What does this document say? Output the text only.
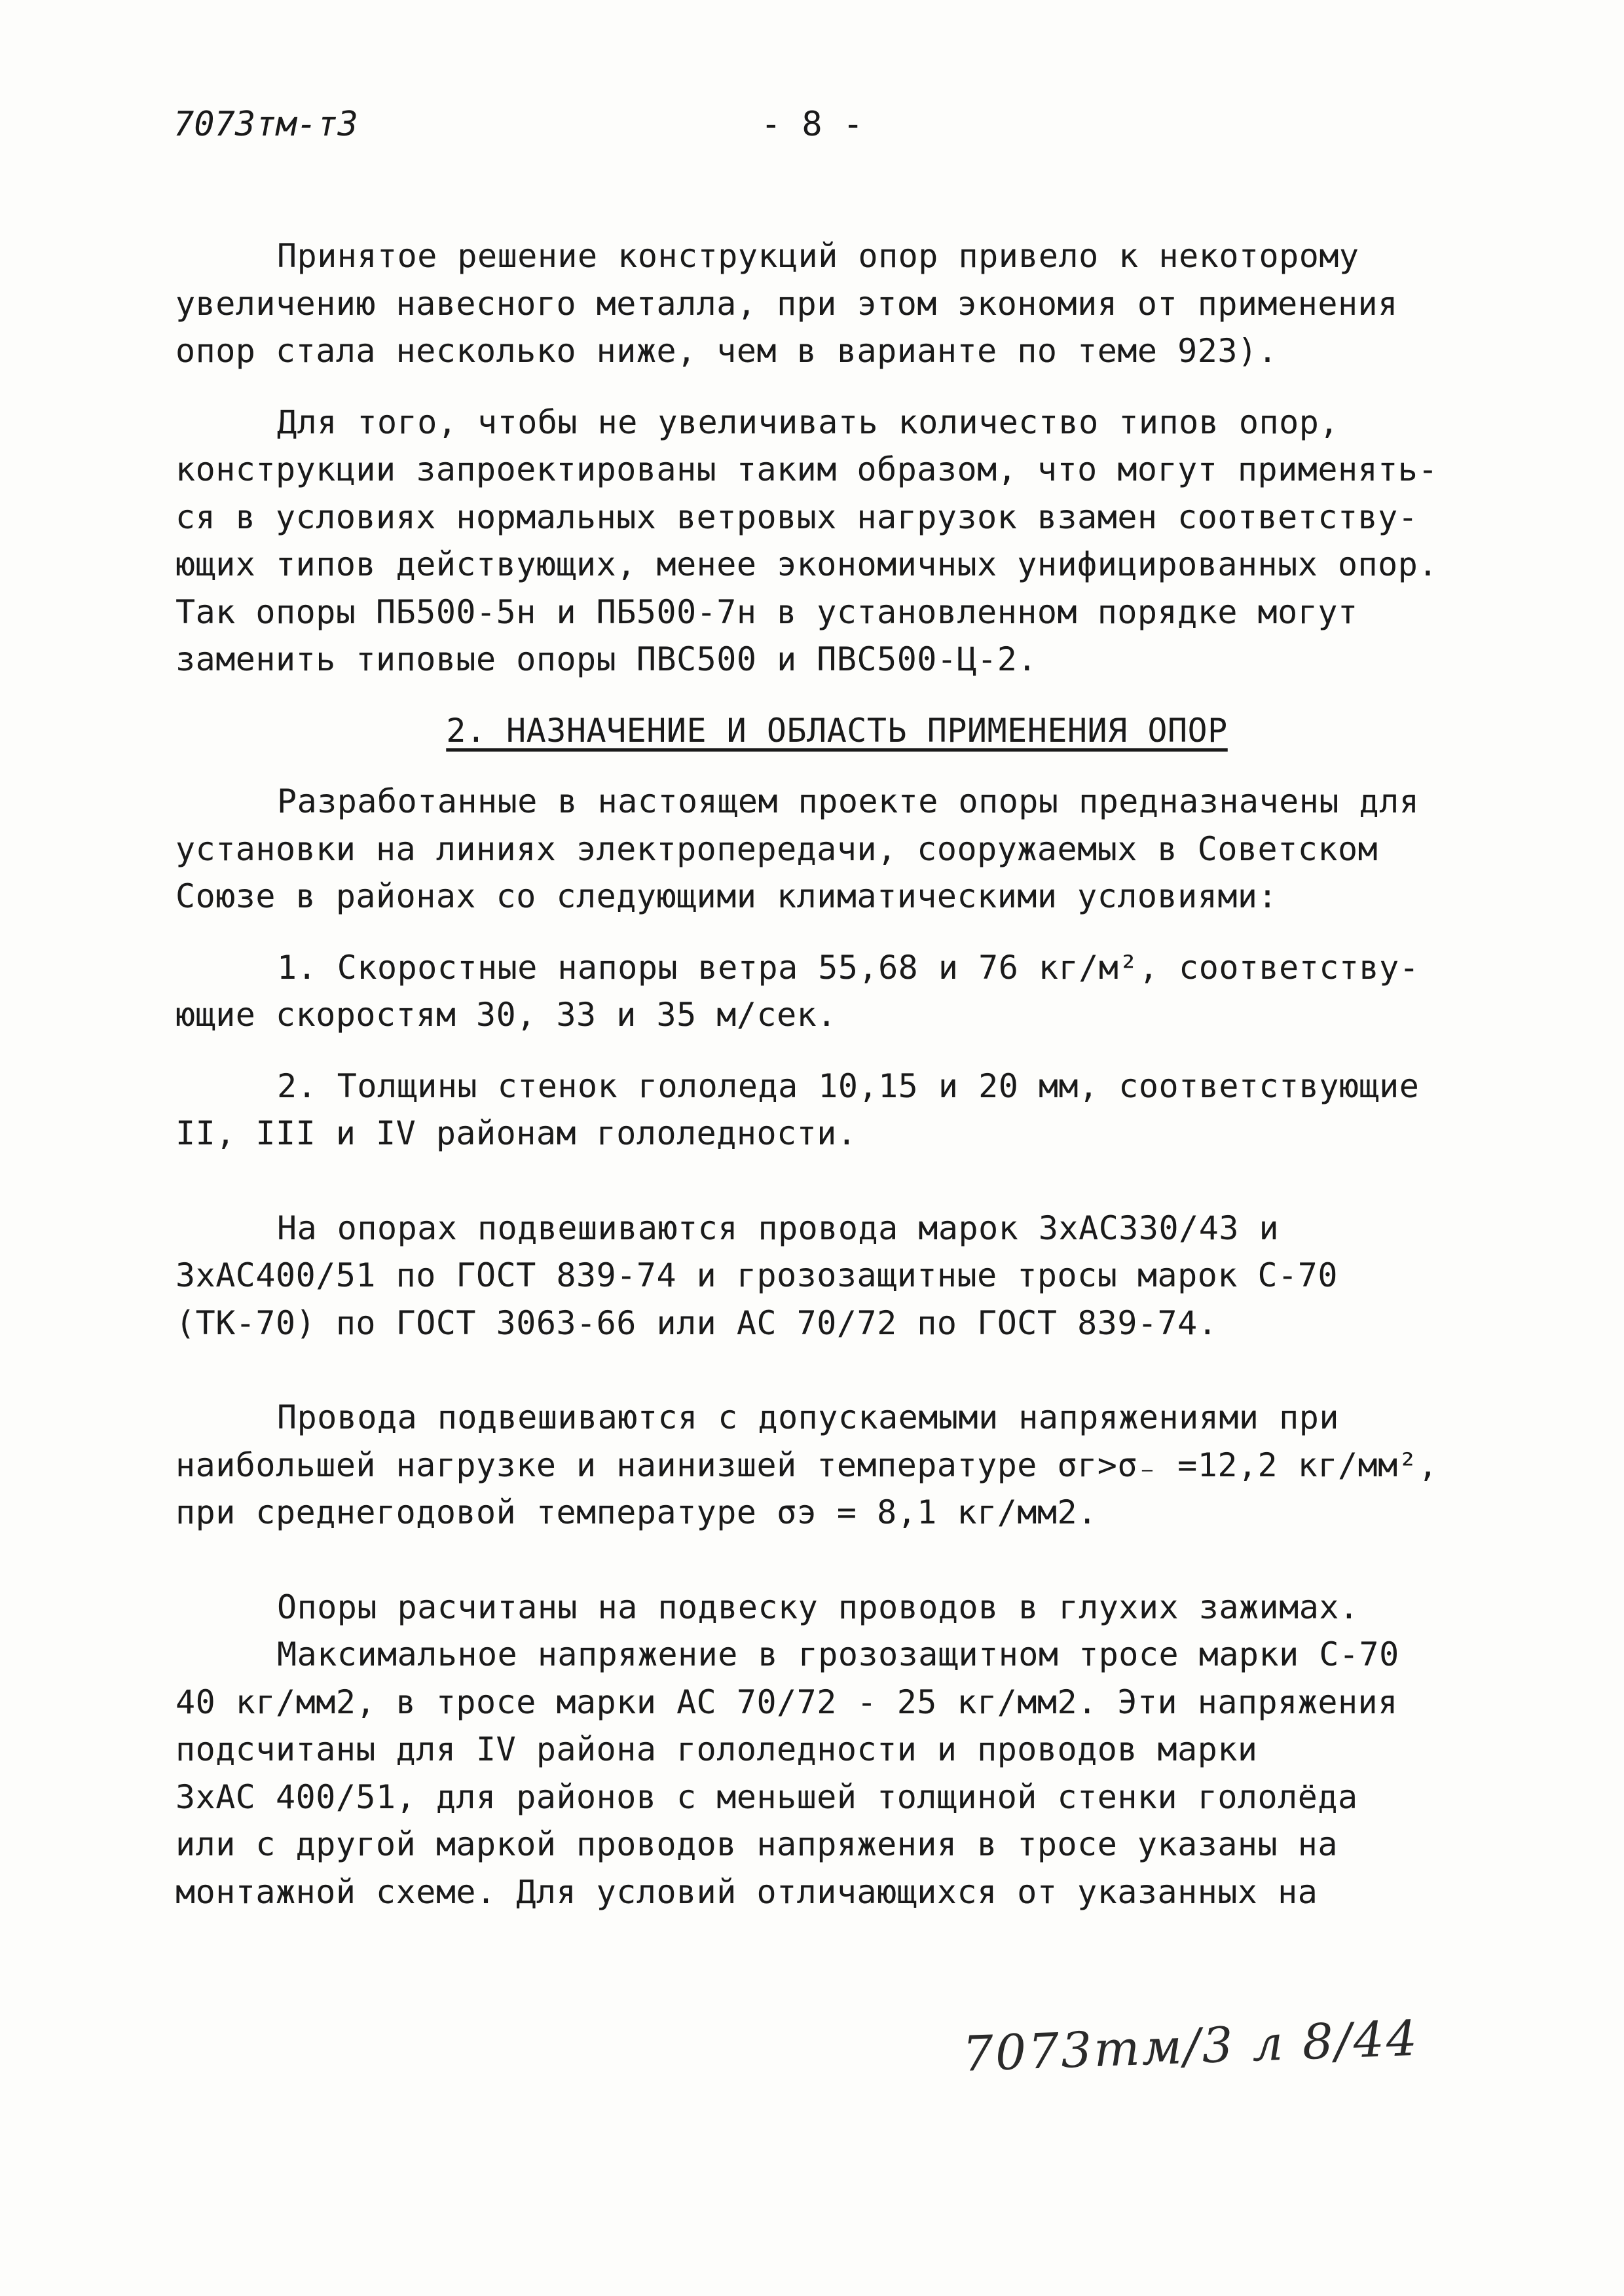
7073тм-т3	- 8 -
Принятое решение конструкций опор привело к некоторому
увеличению навесного металла, при этом экономия от применения
опор стала несколько ниже, чем в варианте по теме 923).
Для того, чтобы не увеличивать количество типов опор,
конструкции запроектированы таким образом, что могут применять-
ся в условиях нормальных ветровых нагрузок взамен соответству-
ющих типов действующих, менее экономичных унифицированных опор.
Так опоры ПБ500-5н и ПБ500-7н в установленном порядке могут
заменить типовые опоры ПВС500 и ПВС500-Ц-2.
2. НАЗНАЧЕНИЕ И ОБЛАСТЬ ПРИМЕНЕНИЯ ОПОР
Разработанные в настоящем проекте опоры предназначены для
установки на линиях электропередачи, сооружаемых в Советском
Союзе в районах со следующими климатическими условиями:
1. Скоростные напоры ветра 55,68 и 76 кг/м², соответству-
ющие скоростям 30, 33 и 35 м/сек.
2. Толщины стенок гололеда 10,15 и 20 мм, соответствующие
II, III и IV районам гололедности.
На опорах подвешиваются провода марок 3хАС330/43 и
3хАС400/51 по ГОСТ 839-74 и грозозащитные тросы марок С-70
(ТК-70) по ГОСТ 3063-66 или АС 70/72 по ГОСТ 839-74.
Провода подвешиваются с допускаемыми напряжениями при
наибольшей нагрузке и наинизшей температуре σг>σ₋ =12,2 кг/мм²,
при среднегодовой температуре σэ = 8,1 кг/мм2.
Опоры расчитаны на подвеску проводов в глухих зажимах.
Максимальное напряжение в грозозащитном тросе марки С-70
40 кг/мм2, в тросе марки АС 70/72 - 25 кг/мм2. Эти напряжения
подсчитаны для IV района гололедности и проводов марки
3хАС 400/51, для районов с меньшей толщиной стенки гололёда
или с другой маркой проводов напряжения в тросе указаны на
монтажной схеме. Для условий отличающихся от указанных на
7073тм/3 л 8/44
